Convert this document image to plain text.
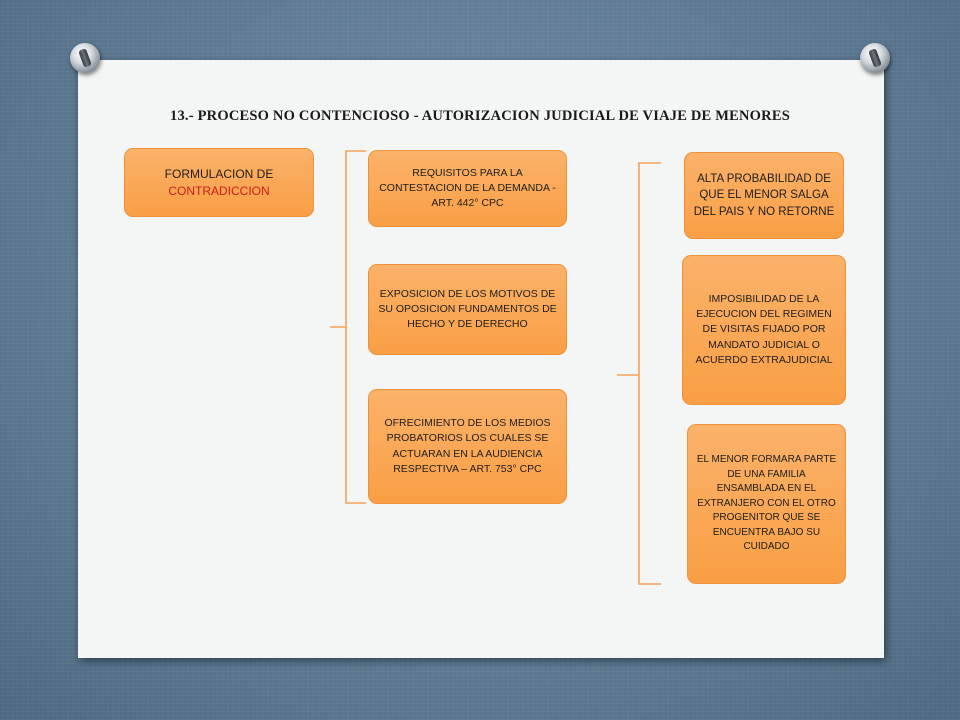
13.- PROCESO NO CONTENCIOSO - AUTORIZACION JUDICIAL DE VIAJE DE MENORES
FORMULACION DE
CONTRADICCION
REQUISITOS PARA LA CONTESTACION DE LA DEMANDA - ART. 442° CPC
EXPOSICION DE LOS MOTIVOS DE SU OPOSICION FUNDAMENTOS DE HECHO Y DE DERECHO
OFRECIMIENTO DE LOS MEDIOS PROBATORIOS LOS CUALES SE ACTUARAN EN LA AUDIENCIA RESPECTIVA – ART. 753° CPC
ALTA PROBABILIDAD DE QUE EL MENOR SALGA DEL PAIS Y NO RETORNE
IMPOSIBILIDAD DE LA EJECUCION DEL REGIMEN DE VISITAS FIJADO POR MANDATO JUDICIAL O ACUERDO EXTRAJUDICIAL
EL MENOR FORMARA PARTE DE UNA FAMILIA ENSAMBLADA EN EL EXTRANJERO CON EL OTRO PROGENITOR QUE SE ENCUENTRA BAJO SU CUIDADO
